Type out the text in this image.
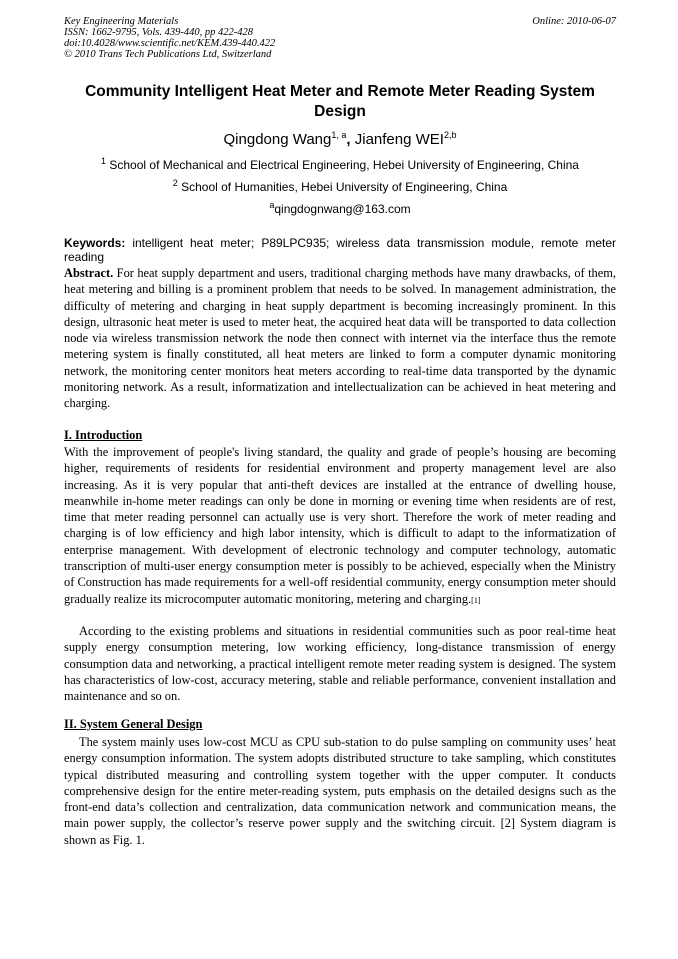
Key Engineering Materials
ISSN: 1662-9795, Vols. 439-440, pp 422-428
doi:10.4028/www.scientific.net/KEM.439-440.422
© 2010 Trans Tech Publications Ltd, Switzerland
Online: 2010-06-07
Community Intelligent Heat Meter and Remote Meter Reading System Design
Qingdong Wang$^{1, a}$, Jianfeng WEI$^{2,b}$
$^1$ School of Mechanical and Electrical Engineering, Hebei University of Engineering, China
$^2$ School of Humanities, Hebei University of Engineering, China
$^a$qingdognwang@163.com
Keywords: intelligent heat meter; P89LPC935; wireless data transmission module, remote meter reading
Abstract. For heat supply department and users, traditional charging methods have many drawbacks, of them, heat metering and billing is a prominent problem that needs to be solved. In management administration, the difficulty of metering and charging in heat supply department is becoming increasingly prominent. In this design, ultrasonic heat meter is used to meter heat, the acquired heat data will be transported to data collection node via wireless transmission network the node then connect with internet via the interface thus the remote metering system is finally constituted, all heat meters are linked to form a computer dynamic monitoring network, the monitoring center monitors heat meters according to real-time data transported by the dynamic monitoring network. As a result, informatization and intellectualization can be achieved in heat metering and charging.
I. Introduction
With the improvement of people's living standard, the quality and grade of people’s housing are becoming higher, requirements of residents for residential environment and property management level are also increasing. As it is very popular that anti-theft devices are installed at the entrance of dwelling house, meanwhile in-home meter readings can only be done in morning or evening time when residents are of rest, time that meter reading personnel can actually use is very short. Therefore the work of meter reading and charging is of low efficiency and high labor intensity, which is difficult to adapt to the informatization of enterprise management. With development of electronic technology and computer technology, automatic transcription of multi-user energy consumption meter is possibly to be achieved, especially when the Ministry of Construction has made requirements for a well-off residential community, energy consumption meter should gradually realize its microcomputer automatic monitoring, metering and charging.[1]
According to the existing problems and situations in residential communities such as poor real-time heat supply energy consumption metering, low working efficiency, long-distance transmission of energy consumption data and networking, a practical intelligent remote meter reading system is designed. The system has characteristics of low-cost, accuracy metering, stable and reliable performance, convenient installation and maintenance and so on.
II. System General Design
The system mainly uses low-cost MCU as CPU sub-station to do pulse sampling on community uses’ heat energy consumption information. The system adopts distributed structure to take sampling, which constitutes typical distributed measuring and controlling system together with the upper computer. It conducts comprehensive design for the entire meter-reading system, puts emphasis on the detailed designs such as the front-end data’s collection and centralization, data communication network and communication means, the main power supply, the collector’s reserve power supply and the switching circuit. [2] System diagram is shown as Fig. 1.
